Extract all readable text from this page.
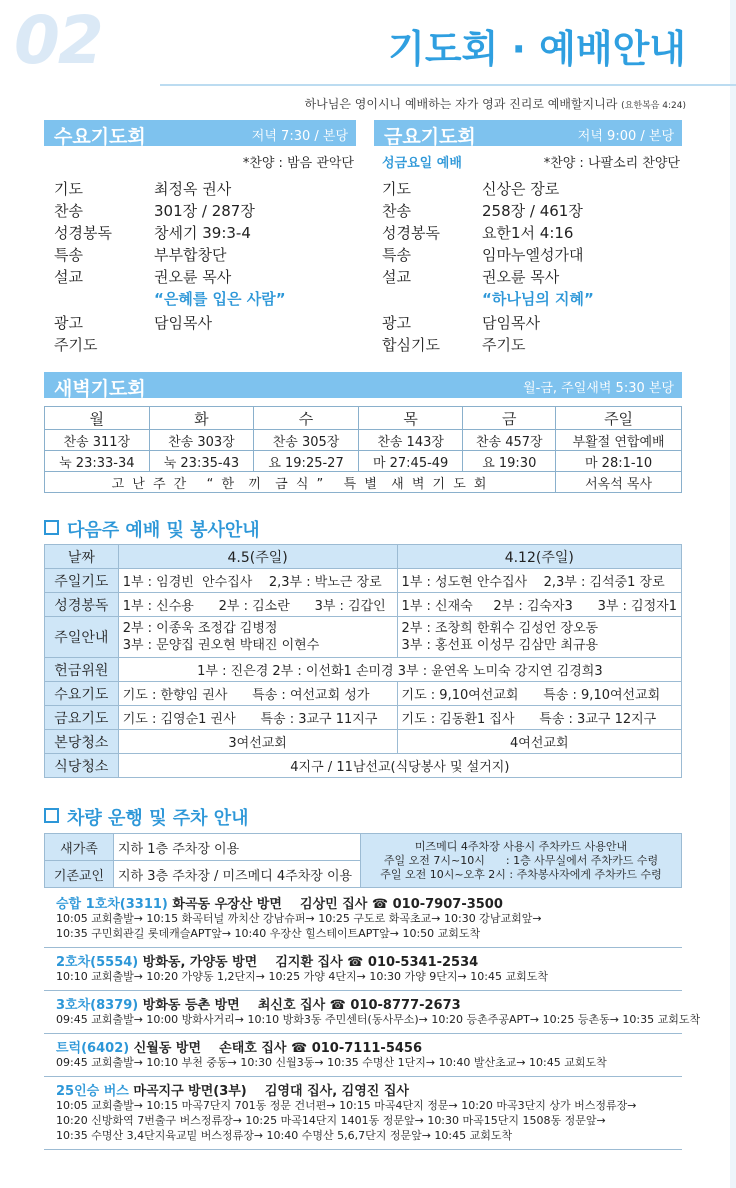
02	기도회 · 예배안내
하나님은 영이시니 예배하는 자가 영과 진리로 예배할지니라 (요한복음 4:24)
수요기도회	저녁 7:30 / 본당
*찬양 : 밤음 관악단
기도	최정옥 권사
찬송	301장 / 287장
성경봉독	창세기 39:3-4
특송	부부합창단
설교	권오륜 목사
“은혜를 입은 사람”
광고	담임목사
주기도
금요기도회	저녁 9:00 / 본당
성금요일 예배	*찬양 : 나팔소리 찬양단
기도	신상은 장로
찬송	258장 / 461장
성경봉독	요한1서 4:16
특송	임마누엘성가대
설교	권오륜 목사
“하나님의 지혜”
광고	담임목사
합심기도	주기도
새벽기도회	월-금, 주일새벽 5:30 본당
월	화	수	목	금	주일
찬송 311장	찬송 303장	찬송 305장	찬송 143장	찬송 457장	부활절 연합예배
눅 23:33-34	눅 23:35-43	요 19:25-27	마 27:45-49	요 19:30	마 28:1-10
고 난 주 간   “ 한  끼  금 식 ”   특 별  새 벽 기 도 회					서옥석 목사
다음주 예배 및 봉사안내
날짜	4.5(주일)	4.12(주일)
주일기도	1부 : 임경빈  안수집사    2,3부 : 박노근 장로	1부 : 성도현 안수집사    2,3부 : 김석중1 장로
성경봉독	1부 : 신수용      2부 : 김소란      3부 : 김갑인	1부 : 신재숙     2부 : 김숙자3      3부 : 김정자1
주일안내	2부 : 이종욱 조정갑 김병정
3부 : 문양집 권오현 박태진 이현수	2부 : 조창희 한휘수 김성언 장오동
3부 : 홍선표 이성무 김삼만 최규용
헌금위원	1부 : 진은경 2부 : 이선화1 손미경 3부 : 윤연옥 노미숙 강지연 김경희3	
수요기도	기도 : 한향임 권사      특송 : 여선교회 성가	기도 : 9,10여선교회      특송 : 9,10여선교회
금요기도	기도 : 김영순1 권사      특송 : 3교구 11지구	기도 : 김동환1 집사      특송 : 3교구 12지구
본당청소	3여선교회	4여선교회
식당청소	4지구 / 11남선교(식당봉사 및 설거지)	
차량 운행 및 주차 안내
새가족	지하 1층 주차장 이용	미즈메디 4주차장 사용시 주차카드 사용안내
주일 오전 7시~10시      : 1층 사무실에서 주차카드 수령
주일 오전 10시~오후 2시 : 주차봉사자에게 주차카드 수령

기존교인	지하 3층 주차장 / 미즈메디 4주차장 이용	
승합 1호차(3311) 화곡동 우장산 방면 김상민 집사 ☎ 010-7907-3500
10:05 교회출발→ 10:15 화곡터널 까치산 강남슈퍼→ 10:25 구도로 화곡초교→ 10:30 강남교회앞→
10:35 구민회관길 롯데캐슬APT앞→ 10:40 우장산 힐스테이트APT앞→ 10:50 교회도착
2호차(5554) 방화동, 가양동 방면 김지환 집사 ☎ 010-5341-2534
10:10 교회출발→ 10:20 가양동 1,2단지→ 10:25 가양 4단지→ 10:30 가양 9단지→ 10:45 교회도착
3호차(8379) 방화동 등촌 방면 최신호 집사 ☎ 010-8777-2673
09:45 교회출발→ 10:00 방화사거리→ 10:10 방화3동 주민센터(동사무소)→ 10:20 등촌주공APT→ 10:25 등촌동→ 10:35 교회도착
트럭(6402) 신월동 방면 손태호 집사 ☎ 010-7111-5456
09:45 교회출발→ 10:10 부천 중동→ 10:30 신월3동→ 10:35 수명산 1단지→ 10:40 발산초교→ 10:45 교회도착
25인승 버스 마곡지구 방면(3부) 김영대 집사, 김영진 집사
10:05 교회출발→ 10:15 마곡7단지 701동 정문 건너편→ 10:15 마곡4단지 정문→ 10:20 마곡3단지 상가 버스정류장→
10:20 신방화역 7번출구 버스정류장→ 10:25 마곡14단지 1401동 정문앞→ 10:30 마곡15단지 1508동 정문앞→
10:35 수명산 3,4단지육교밑 버스정류장→ 10:40 수명산 5,6,7단지 정문앞→ 10:45 교회도착
